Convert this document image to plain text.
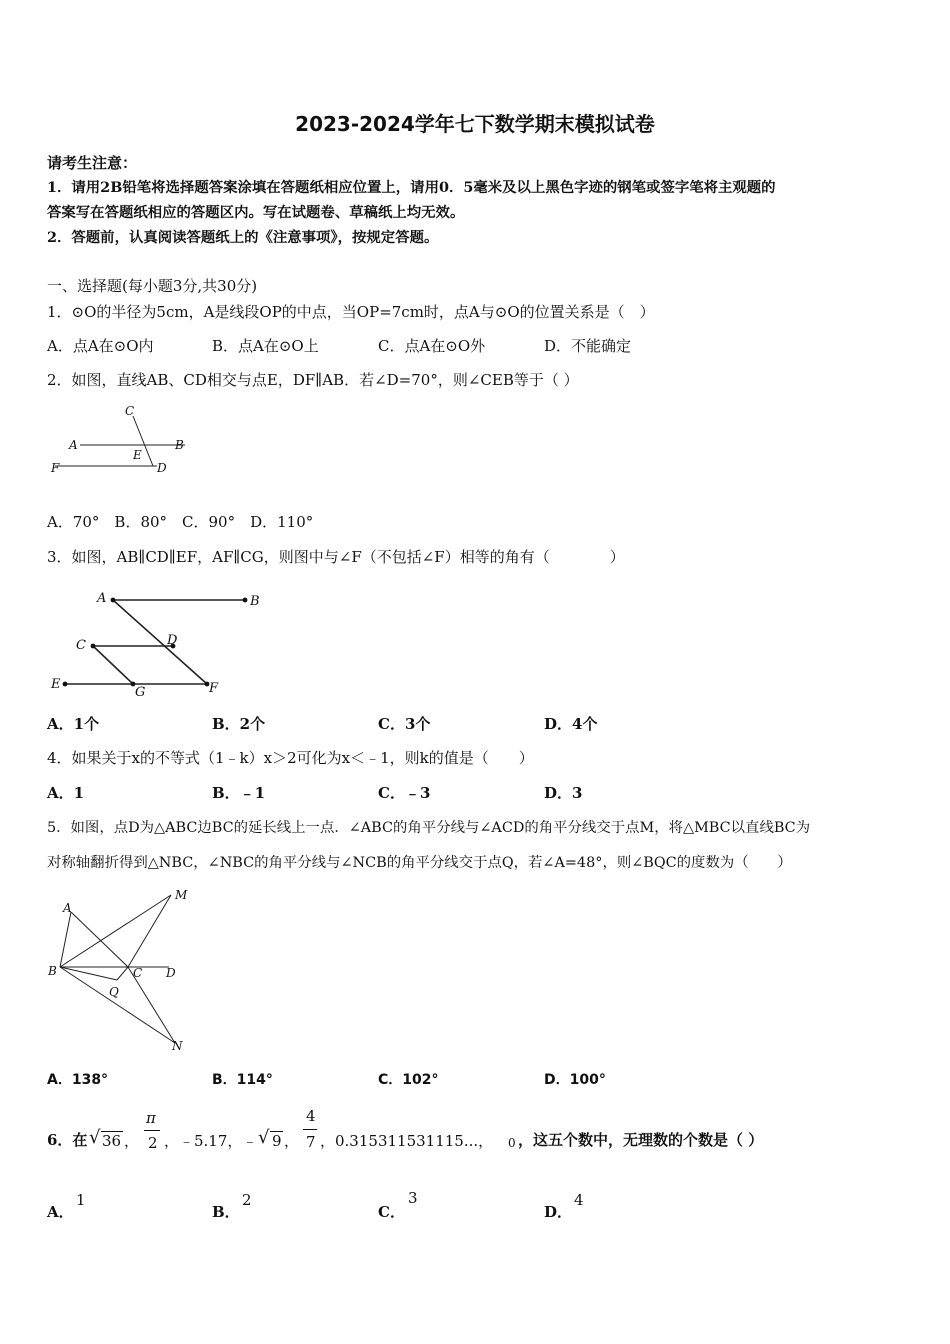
2023-2024学年七下数学期末模拟试卷
请考生注意：
1．请用2B铅笔将选择题答案涂填在答题纸相应位置上，请用0．5毫米及以上黑色字迹的钢笔或签字笔将主观题的
答案写在答题纸相应的答题区内。写在试题卷、草稿纸上均无效。
2．答题前，认真阅读答题纸上的《注意事项》，按规定答题。
一、选择题(每小题3分,共30分)
1．⊙O的半径为5cm，A是线段OP的中点，当OP=7cm时，点A与⊙O的位置关系是（　）
A．点A在⊙O内	B．点A在⊙O上	C．点A在⊙O外	D．不能确定
2．如图，直线AB、CD相交与点E，DF∥AB．若∠D=70°，则∠CEB等于（ ）
C
A	B
E
F	D
A．70°　B．80°　C．90°　D．110°
3．如图，AB∥CD∥EF，AF∥CG，则图中与∠F（不包括∠F）相等的角有（　　　　）
A	B
C	D
E
G	F
A．1个	B．2个	C．3个	D．4个
4．如果关于x的不等式（1﹣k）x＞2可化为x＜﹣1，则k的值是（　　）
A．1	B．﹣1	C．﹣3	D．3
5．如图，点D为△ABC边BC的延长线上一点．∠ABC的角平分线与∠ACD的角平分线交于点M，将△MBC以直线BC为
对称轴翻折得到△NBC，∠NBC的角平分线与∠NCB的角平分线交于点Q，若∠A=48°，则∠BQC的度数为（　　）
A
M
B	C D
Q
N
A．138°	B．114°	C．102°	D．100°
6．在 √ 36 ，
π
2 ，﹣5.17，﹣ √ 9 ，
4
7 ，0.315311531115...， 0 ，这五个数中，无理数的个数是（ ）
A．
1
B．
2
C．
3
D．
4
